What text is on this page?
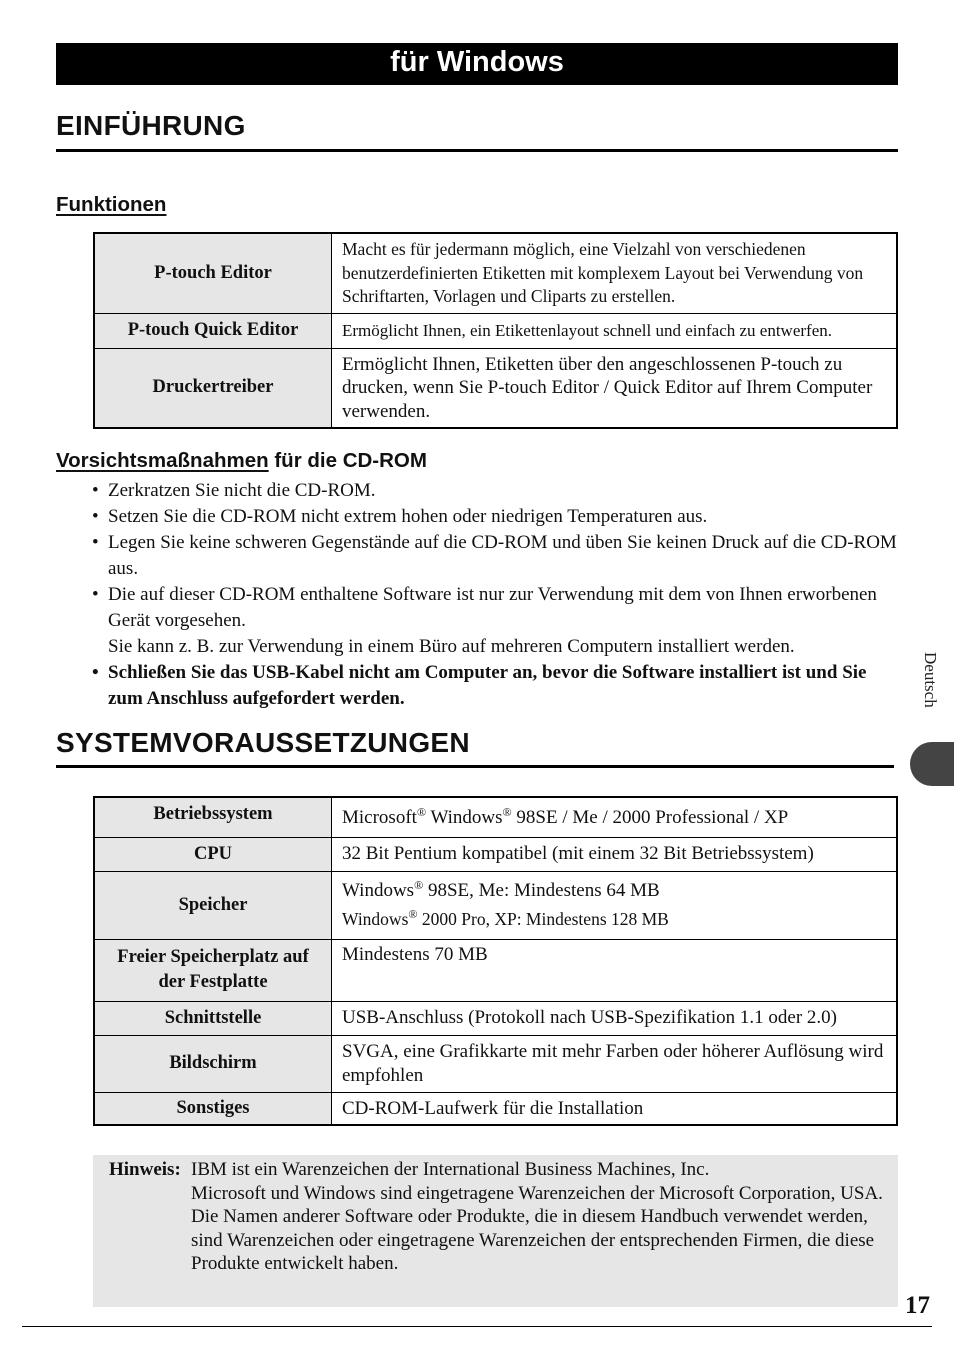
für Windows
EINFÜHRUNG
Funktionen
P-touch Editor	Macht es für jedermann möglich, eine Vielzahl von verschiedenen benutzerdefinierten Etiketten mit komplexem Layout bei Verwendung von Schriftarten, Vorlagen und Cliparts zu erstellen.
P-touch Quick Editor	Ermöglicht Ihnen, ein Etikettenlayout schnell und einfach zu entwerfen.
Druckertreiber	Ermöglicht Ihnen, Etiketten über den angeschlossenen P-touch zu drucken, wenn Sie P-touch Editor / Quick Editor auf Ihrem Computer verwenden.
Vorsichtsmaßnahmen für die CD-ROM
• Zerkratzen Sie nicht die CD-ROM.
• Setzen Sie die CD-ROM nicht extrem hohen oder niedrigen Temperaturen aus.
• Legen Sie keine schweren Gegenstände auf die CD-ROM und üben Sie keinen Druck auf die CD-ROM aus.
• Die auf dieser CD-ROM enthaltene Software ist nur zur Verwendung mit dem von Ihnen erworbenen Gerät vorgesehen.
Sie kann z. B. zur Verwendung in einem Büro auf mehreren Computern installiert werden.
• Schließen Sie das USB-Kabel nicht am Computer an, bevor die Software installiert ist und Sie zum Anschluss aufgefordert werden.
SYSTEMVORAUSSETZUNGEN
Betriebssystem	Microsoft® Windows® 98SE / Me / 2000 Professional / XP
CPU	32 Bit Pentium kompatibel (mit einem 32 Bit Betriebssystem)
Speicher	Windows® 98SE, Me: Mindestens 64 MB
Windows® 2000 Pro, XP: Mindestens 128 MB
Freier Speicherplatz auf der Festplatte	Mindestens 70 MB
Schnittstelle	USB-Anschluss (Protokoll nach USB-Spezifikation 1.1 oder 2.0)
Bildschirm	SVGA, eine Grafikkarte mit mehr Farben oder höherer Auflösung wird empfohlen
Sonstiges	CD-ROM-Laufwerk für die Installation
Hinweis: IBM ist ein Warenzeichen der International Business Machines, Inc.
Microsoft und Windows sind eingetragene Warenzeichen der Microsoft Corporation, USA.
Die Namen anderer Software oder Produkte, die in diesem Handbuch verwendet werden, sind Warenzeichen oder eingetragene Warenzeichen der entsprechenden Firmen, die diese Produkte entwickelt haben.
Deutsch
17
